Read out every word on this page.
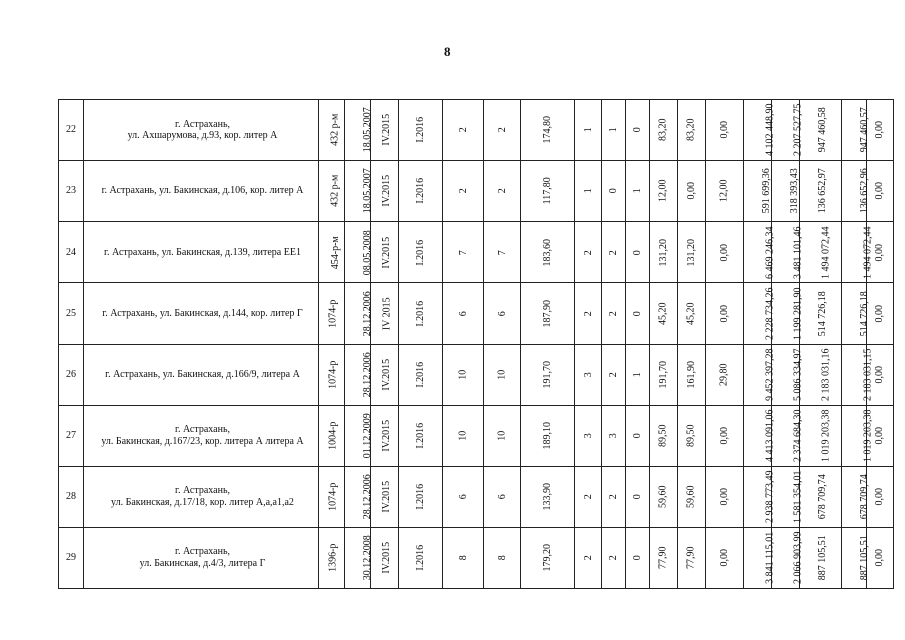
8
22	г. Астрахань,
ул. Ахшарумова, д.93, кор. литер А	432 р-м	18.05.2007	IV.2015	I.2016	2	2	174,80	1	1	0	83,20	83,20	0,00	4 102 448,90	2 207 527,75	947 460,58	947 460,57	0,00
23	г. Астрахань, ул. Бакинская, д.106, кор. литер А	432 р-м	18.05.2007	IV.2015	I.2016	2	2	117,80	1	0	1	12,00	0,00	12,00	591 699,36	318 393,43	136 652,97	136 652,96	0,00
24	г. Астрахань, ул. Бакинская, д.139, литера ЕЕ1	454-р-м	08.05.2008	IV.2015	I.2016	7	7	183,60	2	2	0	131,20	131,20	0,00	6 469 246,34	3 481 101,46	1 494 072,44	1 494 072,44	0,00
25	г. Астрахань, ул. Бакинская, д.144, кор. литер Г	1074-р	28.12.2006	IV 2015	I.2016	6	6	187,90	2	2	0	45,20	45,20	0,00	2 228 734,26	1 199 281,90	514 726,18	514 726,18	0,00
26	г. Астрахань, ул. Бакинская, д.166/9, литера А	1074-р	28.12.2006	IV.2015	I.2016	10	10	191,70	3	2	1	191,70	161,90	29,80	9 452 397,28	5 086 334,97	2 183 031,16	2 183 031,15	0,00
27	г. Астрахань,
ул. Бакинская, д.167/23, кор. литера А литера А	1004-р	01.12.2009	IV.2015	I.2016	10	10	189,10	3	3	0	89,50	89,50	0,00	4 413 091,06	2 374 684,30	1 019 203,38	1 019 203,38	0,00
28	г. Астрахань,
ул. Бакинская, д.17/18, кор. литер А,а,а1,а2	1074-р	28.12.2006	IV.2015	I.2016	6	6	133,90	2	2	0	59,60	59,60	0,00	2 938 773,49	1 581 354,01	678 709,74	678 709,74	0,00
29	г. Астрахань,
ул. Бакинская, д.4/3, литера Г	1396-р	30.12.2008	IV.2015	I.2016	8	8	179,20	2	2	0	77,90	77,90	0,00	3 841 115,01	2 066 903,99	887 105,51	887 105,51	0,00
